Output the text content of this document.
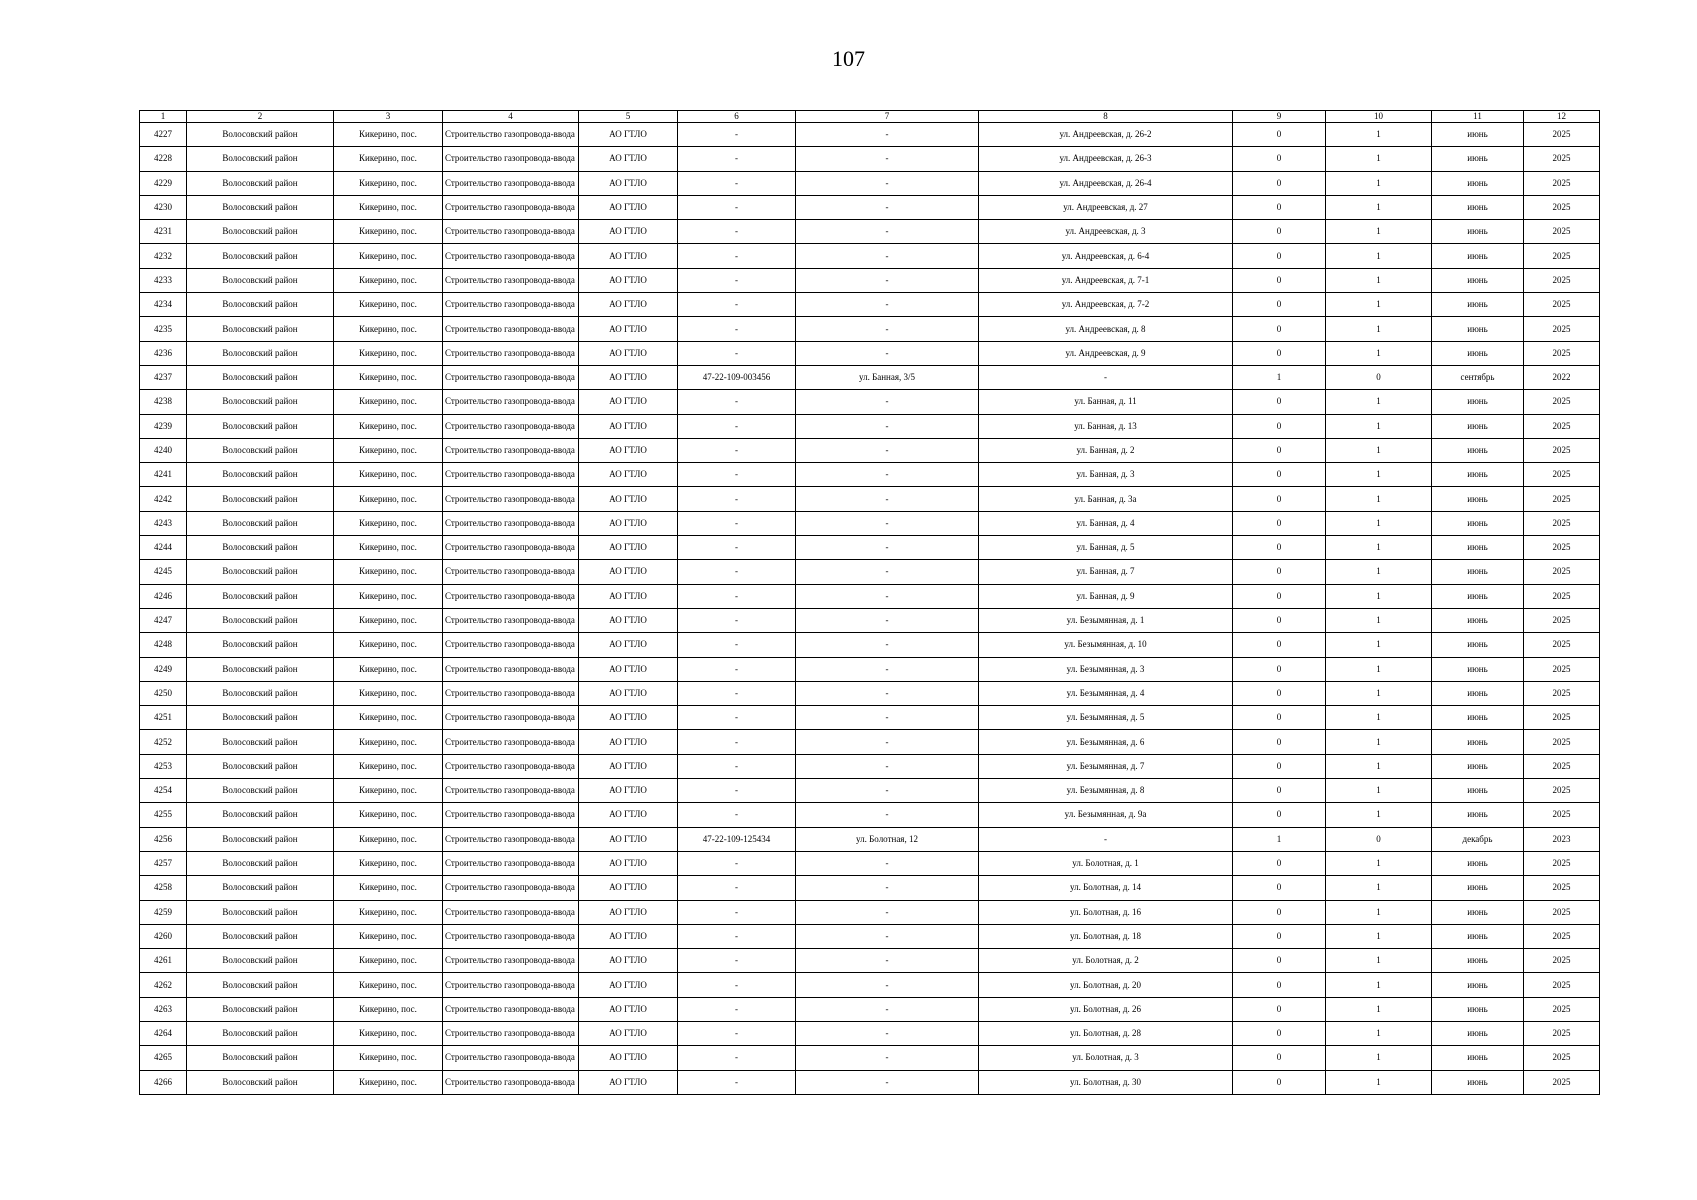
107
1	2	3	4	5	6	7	8	9	10	11	12
4227	Волосовский район	Кикерино, пос.	Строительство газопровода-ввода	АО ГТЛО	-	-	ул. Андреевская, д. 26-2	0	1	июнь	2025
4228	Волосовский район	Кикерино, пос.	Строительство газопровода-ввода	АО ГТЛО	-	-	ул. Андреевская, д. 26-3	0	1	июнь	2025
4229	Волосовский район	Кикерино, пос.	Строительство газопровода-ввода	АО ГТЛО	-	-	ул. Андреевская, д. 26-4	0	1	июнь	2025
4230	Волосовский район	Кикерино, пос.	Строительство газопровода-ввода	АО ГТЛО	-	-	ул. Андреевская, д. 27	0	1	июнь	2025
4231	Волосовский район	Кикерино, пос.	Строительство газопровода-ввода	АО ГТЛО	-	-	ул. Андреевская, д. 3	0	1	июнь	2025
4232	Волосовский район	Кикерино, пос.	Строительство газопровода-ввода	АО ГТЛО	-	-	ул. Андреевская, д. 6-4	0	1	июнь	2025
4233	Волосовский район	Кикерино, пос.	Строительство газопровода-ввода	АО ГТЛО	-	-	ул. Андреевская, д. 7-1	0	1	июнь	2025
4234	Волосовский район	Кикерино, пос.	Строительство газопровода-ввода	АО ГТЛО	-	-	ул. Андреевская, д. 7-2	0	1	июнь	2025
4235	Волосовский район	Кикерино, пос.	Строительство газопровода-ввода	АО ГТЛО	-	-	ул. Андреевская, д. 8	0	1	июнь	2025
4236	Волосовский район	Кикерино, пос.	Строительство газопровода-ввода	АО ГТЛО	-	-	ул. Андреевская, д. 9	0	1	июнь	2025
4237	Волосовский район	Кикерино, пос.	Строительство газопровода-ввода	АО ГТЛО	47-22-109-003456	ул. Банная, 3/5	-	1	0	сентябрь	2022
4238	Волосовский район	Кикерино, пос.	Строительство газопровода-ввода	АО ГТЛО	-	-	ул. Банная, д. 11	0	1	июнь	2025
4239	Волосовский район	Кикерино, пос.	Строительство газопровода-ввода	АО ГТЛО	-	-	ул. Банная, д. 13	0	1	июнь	2025
4240	Волосовский район	Кикерино, пос.	Строительство газопровода-ввода	АО ГТЛО	-	-	ул. Банная, д. 2	0	1	июнь	2025
4241	Волосовский район	Кикерино, пос.	Строительство газопровода-ввода	АО ГТЛО	-	-	ул. Банная, д. 3	0	1	июнь	2025
4242	Волосовский район	Кикерино, пос.	Строительство газопровода-ввода	АО ГТЛО	-	-	ул. Банная, д. 3а	0	1	июнь	2025
4243	Волосовский район	Кикерино, пос.	Строительство газопровода-ввода	АО ГТЛО	-	-	ул. Банная, д. 4	0	1	июнь	2025
4244	Волосовский район	Кикерино, пос.	Строительство газопровода-ввода	АО ГТЛО	-	-	ул. Банная, д. 5	0	1	июнь	2025
4245	Волосовский район	Кикерино, пос.	Строительство газопровода-ввода	АО ГТЛО	-	-	ул. Банная, д. 7	0	1	июнь	2025
4246	Волосовский район	Кикерино, пос.	Строительство газопровода-ввода	АО ГТЛО	-	-	ул. Банная, д. 9	0	1	июнь	2025
4247	Волосовский район	Кикерино, пос.	Строительство газопровода-ввода	АО ГТЛО	-	-	ул. Безымянная, д. 1	0	1	июнь	2025
4248	Волосовский район	Кикерино, пос.	Строительство газопровода-ввода	АО ГТЛО	-	-	ул. Безымянная, д. 10	0	1	июнь	2025
4249	Волосовский район	Кикерино, пос.	Строительство газопровода-ввода	АО ГТЛО	-	-	ул. Безымянная, д. 3	0	1	июнь	2025
4250	Волосовский район	Кикерино, пос.	Строительство газопровода-ввода	АО ГТЛО	-	-	ул. Безымянная, д. 4	0	1	июнь	2025
4251	Волосовский район	Кикерино, пос.	Строительство газопровода-ввода	АО ГТЛО	-	-	ул. Безымянная, д. 5	0	1	июнь	2025
4252	Волосовский район	Кикерино, пос.	Строительство газопровода-ввода	АО ГТЛО	-	-	ул. Безымянная, д. 6	0	1	июнь	2025
4253	Волосовский район	Кикерино, пос.	Строительство газопровода-ввода	АО ГТЛО	-	-	ул. Безымянная, д. 7	0	1	июнь	2025
4254	Волосовский район	Кикерино, пос.	Строительство газопровода-ввода	АО ГТЛО	-	-	ул. Безымянная, д. 8	0	1	июнь	2025
4255	Волосовский район	Кикерино, пос.	Строительство газопровода-ввода	АО ГТЛО	-	-	ул. Безымянная, д. 9а	0	1	июнь	2025
4256	Волосовский район	Кикерино, пос.	Строительство газопровода-ввода	АО ГТЛО	47-22-109-125434	ул. Болотная, 12	-	1	0	декабрь	2023
4257	Волосовский район	Кикерино, пос.	Строительство газопровода-ввода	АО ГТЛО	-	-	ул. Болотная, д. 1	0	1	июнь	2025
4258	Волосовский район	Кикерино, пос.	Строительство газопровода-ввода	АО ГТЛО	-	-	ул. Болотная, д. 14	0	1	июнь	2025
4259	Волосовский район	Кикерино, пос.	Строительство газопровода-ввода	АО ГТЛО	-	-	ул. Болотная, д. 16	0	1	июнь	2025
4260	Волосовский район	Кикерино, пос.	Строительство газопровода-ввода	АО ГТЛО	-	-	ул. Болотная, д. 18	0	1	июнь	2025
4261	Волосовский район	Кикерино, пос.	Строительство газопровода-ввода	АО ГТЛО	-	-	ул. Болотная, д. 2	0	1	июнь	2025
4262	Волосовский район	Кикерино, пос.	Строительство газопровода-ввода	АО ГТЛО	-	-	ул. Болотная, д. 20	0	1	июнь	2025
4263	Волосовский район	Кикерино, пос.	Строительство газопровода-ввода	АО ГТЛО	-	-	ул. Болотная, д. 26	0	1	июнь	2025
4264	Волосовский район	Кикерино, пос.	Строительство газопровода-ввода	АО ГТЛО	-	-	ул. Болотная, д. 28	0	1	июнь	2025
4265	Волосовский район	Кикерино, пос.	Строительство газопровода-ввода	АО ГТЛО	-	-	ул. Болотная, д. 3	0	1	июнь	2025
4266	Волосовский район	Кикерино, пос.	Строительство газопровода-ввода	АО ГТЛО	-	-	ул. Болотная, д. 30	0	1	июнь	2025
